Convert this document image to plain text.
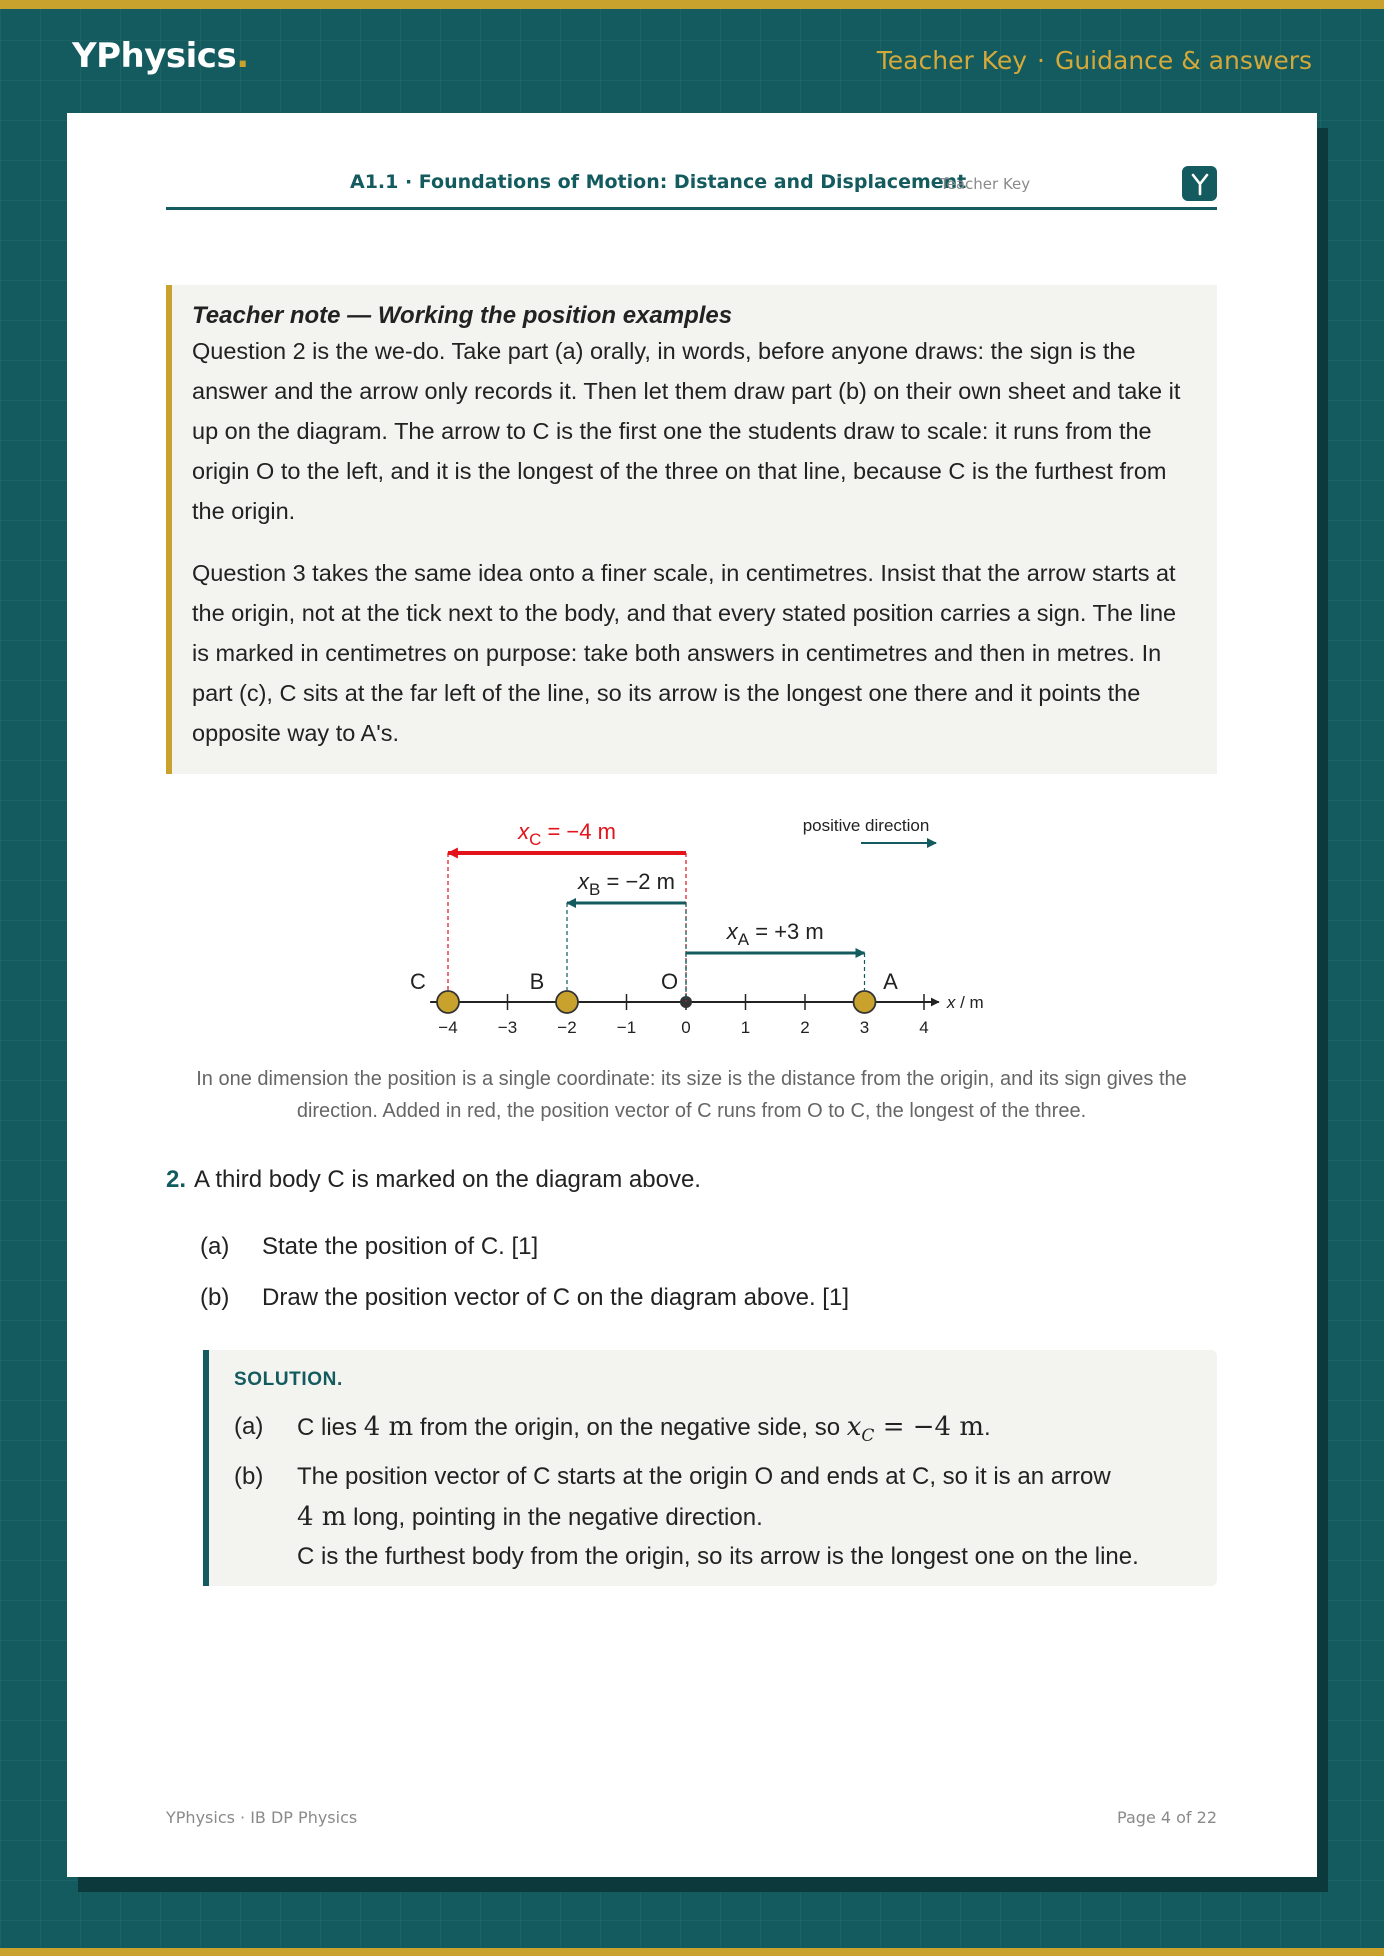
YPhysics.	Teacher Key · Guidance & answers
A1.1 · Foundations of Motion: Distance and Displacement
Teacher Key
Teacher note — Working the position examples

Question 2 is the we-do. Take part (a) orally, in words, before anyone draws: the sign is the answer and the arrow only records it. Then let them draw part (b) on their own sheet and take it up on the diagram. The arrow to C is the first one the students draw to scale: it runs from the origin O to the left, and it is the longest of the three on that line, because C is the furthest from the origin.

Question 3 takes the same idea onto a finer scale, in centimetres. Insist that the arrow starts at the origin, not at the tick next to the body, and that every stated position carries a sign. The line is marked in centimetres on purpose: take both answers in centimetres and then in metres. In part (c), C sits at the far left of the line, so its arrow is the longest one there and it points the opposite way to A's.

−4 −3 −2 −1	0	1	2	3	4
x / m
O
$x_C = -4$ m
$x_B = -2$ m
$x_A = +3$ m
C	B	A
positive direction
In one dimension the position is a single coordinate: its size is the distance from the origin, and its sign gives the direction. Added in red, the position vector of C runs from O to C, the longest of the three.
2. A third body C is marked on the diagram above.
(a) State the position of C. [1]
(b) Draw the position vector of C on the diagram above. [1]
SOLUTION.
(a) C lies 4 m from the origin, on the negative side, so $x_C = -4$ m.
(b) The position vector of C starts at the origin O and ends at C, so it is an arrow
4 m long, pointing in the negative direction.
C is the furthest body from the origin, so its arrow is the longest one on the line.
YPhysics · IB DP Physics	Page 4 of 22
